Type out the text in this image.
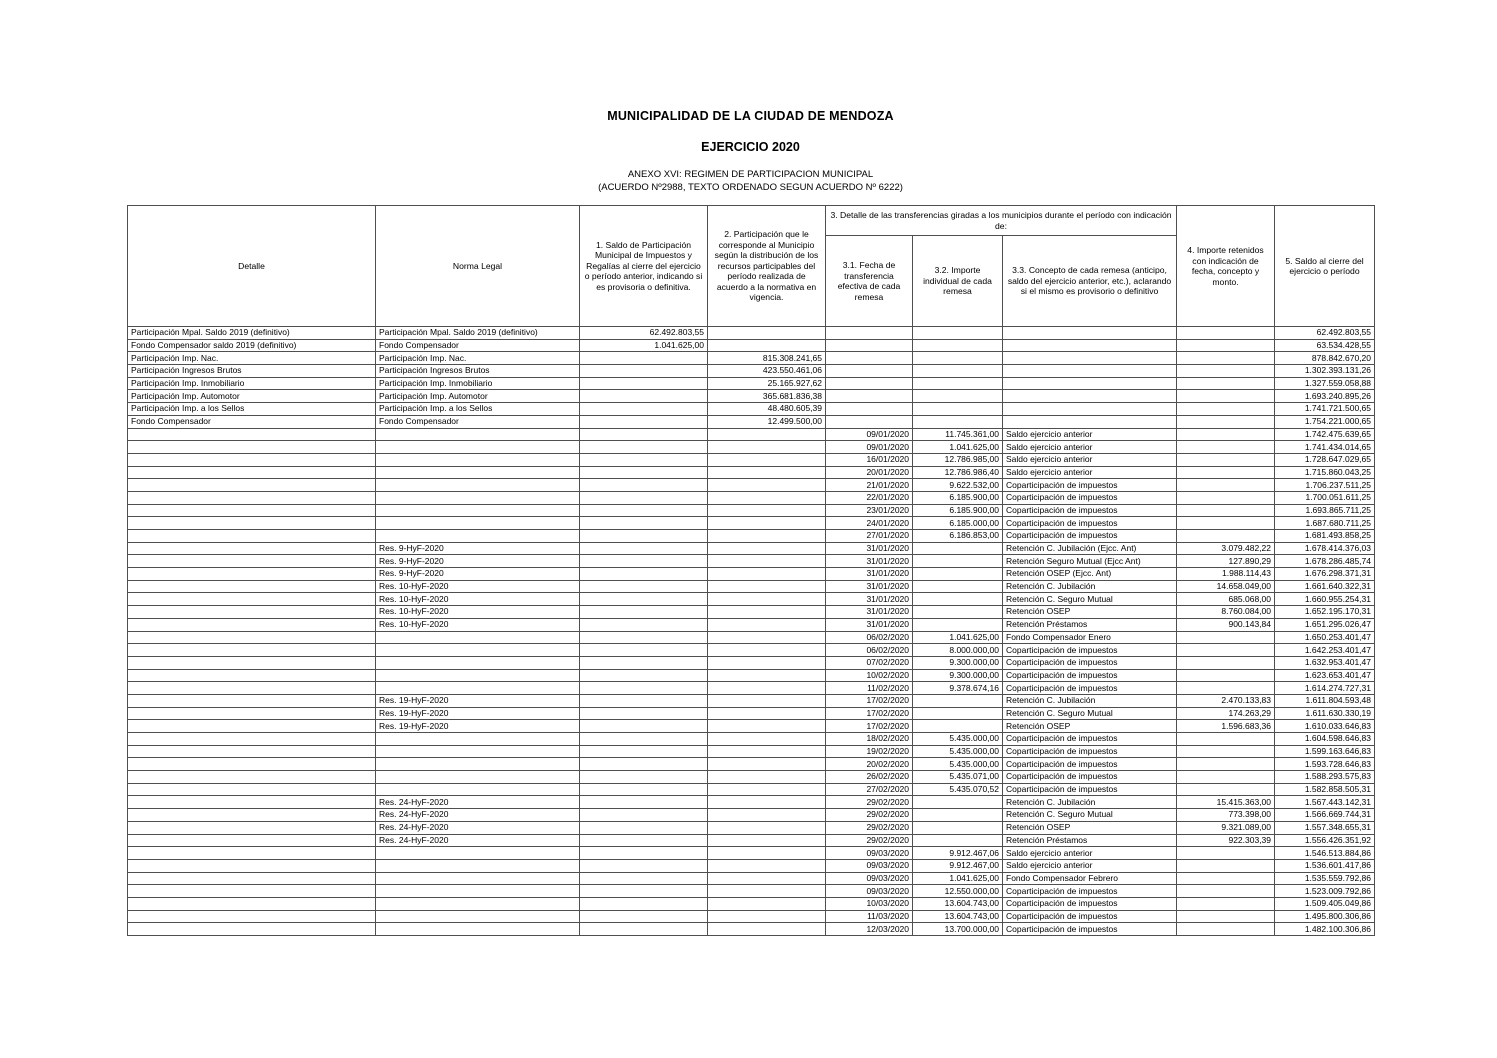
MUNICIPALIDAD DE LA CIUDAD DE MENDOZA
EJERCICIO 2020
ANEXO XVI: REGIMEN DE PARTICIPACION MUNICIPAL
(ACUERDO Nº2988, TEXTO ORDENADO SEGUN ACUERDO Nº 6222)
Detalle	Norma Legal	1. Saldo de Participación Municipal de Impuestos y Regalías al cierre del ejercicio o período anterior, indicando si es provisoria o definitiva.	2. Participación que le corresponde al Municipio según la distribución de los recursos participables del período realizada de acuerdo a la normativa en vigencia.	3. Detalle de las transferencias giradas a los municipios durante el período con indicación de:			4. Importe retenidos con indicación de fecha, concepto y monto.	5. Saldo al cierre del ejercicio o período
				3.1. Fecha de transferencia efectiva de cada remesa	3.2. Importe individual de cada remesa	3.3. Concepto de cada remesa (anticipo, saldo del ejercicio anterior, etc.), aclarando si el mismo es provisorio o definitivo		
Participación Mpal. Saldo 2019 (definitivo)	Participación Mpal. Saldo 2019 (definitivo)	62.492.803,55						62.492.803,55
Fondo Compensador saldo 2019 (definitivo)	Fondo Compensador	1.041.625,00						63.534.428,55
Participación Imp. Nac.	Participación Imp. Nac.		815.308.241,65					878.842.670,20
Participación Ingresos Brutos	Participación Ingresos Brutos		423.550.461,06					1.302.393.131,26
Participación Imp. Inmobiliario	Participación Imp. Inmobiliario		25.165.927,62					1.327.559.058,88
Participación Imp. Automotor	Participación Imp. Automotor		365.681.836,38					1.693.240.895,26
Participación Imp. a los Sellos	Participación Imp. a los Sellos		48.480.605,39					1.741.721.500,65
Fondo Compensador	Fondo Compensador		12.499.500,00					1.754.221.000,65
				09/01/2020	11.745.361,00	Saldo ejercicio anterior		1.742.475.639,65
				09/01/2020	1.041.625,00	Saldo ejercicio anterior		1.741.434.014,65
				16/01/2020	12.786.985,00	Saldo ejercicio anterior		1.728.647.029,65
				20/01/2020	12.786.986,40	Saldo ejercicio anterior		1.715.860.043,25
				21/01/2020	9.622.532,00	Coparticipación de impuestos		1.706.237.511,25
				22/01/2020	6.185.900,00	Coparticipación de impuestos		1.700.051.611,25
				23/01/2020	6.185.900,00	Coparticipación de impuestos		1.693.865.711,25
				24/01/2020	6.185.000,00	Coparticipación de impuestos		1.687.680.711,25
				27/01/2020	6.186.853,00	Coparticipación de impuestos		1.681.493.858,25
	Res. 9-HyF-2020			31/01/2020		Retención C. Jubilación (Ejcc. Ant)	3.079.482,22	1.678.414.376,03
	Res. 9-HyF-2020			31/01/2020		Retención Seguro Mutual (Ejcc Ant)	127.890,29	1.678.286.485,74
	Res. 9-HyF-2020			31/01/2020		Retención OSEP (Ejcc. Ant)	1.988.114,43	1.676.298.371,31
	Res. 10-HyF-2020			31/01/2020		Retención C. Jubilación	14.658.049,00	1.661.640.322,31
	Res. 10-HyF-2020			31/01/2020		Retención C. Seguro Mutual	685.068,00	1.660.955.254,31
	Res. 10-HyF-2020			31/01/2020		Retención OSEP	8.760.084,00	1.652.195.170,31
	Res. 10-HyF-2020			31/01/2020		Retención Préstamos	900.143,84	1.651.295.026,47
				06/02/2020	1.041.625,00	Fondo Compensador Enero		1.650.253.401,47
				06/02/2020	8.000.000,00	Coparticipación de impuestos		1.642.253.401,47
				07/02/2020	9.300.000,00	Coparticipación de impuestos		1.632.953.401,47
				10/02/2020	9.300.000,00	Coparticipación de impuestos		1.623.653.401,47
				11/02/2020	9.378.674,16	Coparticipación de impuestos		1.614.274.727,31
	Res. 19-HyF-2020			17/02/2020		Retención C. Jubilación	2.470.133,83	1.611.804.593,48
	Res. 19-HyF-2020			17/02/2020		Retención C. Seguro Mutual	174.263,29	1.611.630.330,19
	Res. 19-HyF-2020			17/02/2020		Retención OSEP	1.596.683,36	1.610.033.646,83
				18/02/2020	5.435.000,00	Coparticipación de impuestos		1.604.598.646,83
				19/02/2020	5.435.000,00	Coparticipación de impuestos		1.599.163.646,83
				20/02/2020	5.435.000,00	Coparticipación de impuestos		1.593.728.646,83
				26/02/2020	5.435.071,00	Coparticipación de impuestos		1.588.293.575,83
				27/02/2020	5.435.070,52	Coparticipación de impuestos		1.582.858.505,31
	Res. 24-HyF-2020			29/02/2020		Retención C. Jubilación	15.415.363,00	1.567.443.142,31
	Res. 24-HyF-2020			29/02/2020		Retención C. Seguro Mutual	773.398,00	1.566.669.744,31
	Res. 24-HyF-2020			29/02/2020		Retención OSEP	9.321.089,00	1.557.348.655,31
	Res. 24-HyF-2020			29/02/2020		Retención Préstamos	922.303,39	1.556.426.351,92
				09/03/2020	9.912.467,06	Saldo ejercicio anterior		1.546.513.884,86
				09/03/2020	9.912.467,00	Saldo ejercicio anterior		1.536.601.417,86
				09/03/2020	1.041.625,00	Fondo Compensador Febrero		1.535.559.792,86
				09/03/2020	12.550.000,00	Coparticipación de impuestos		1.523.009.792,86
				10/03/2020	13.604.743,00	Coparticipación de impuestos		1.509.405.049,86
				11/03/2020	13.604.743,00	Coparticipación de impuestos		1.495.800.306,86
				12/03/2020	13.700.000,00	Coparticipación de impuestos		1.482.100.306,86
